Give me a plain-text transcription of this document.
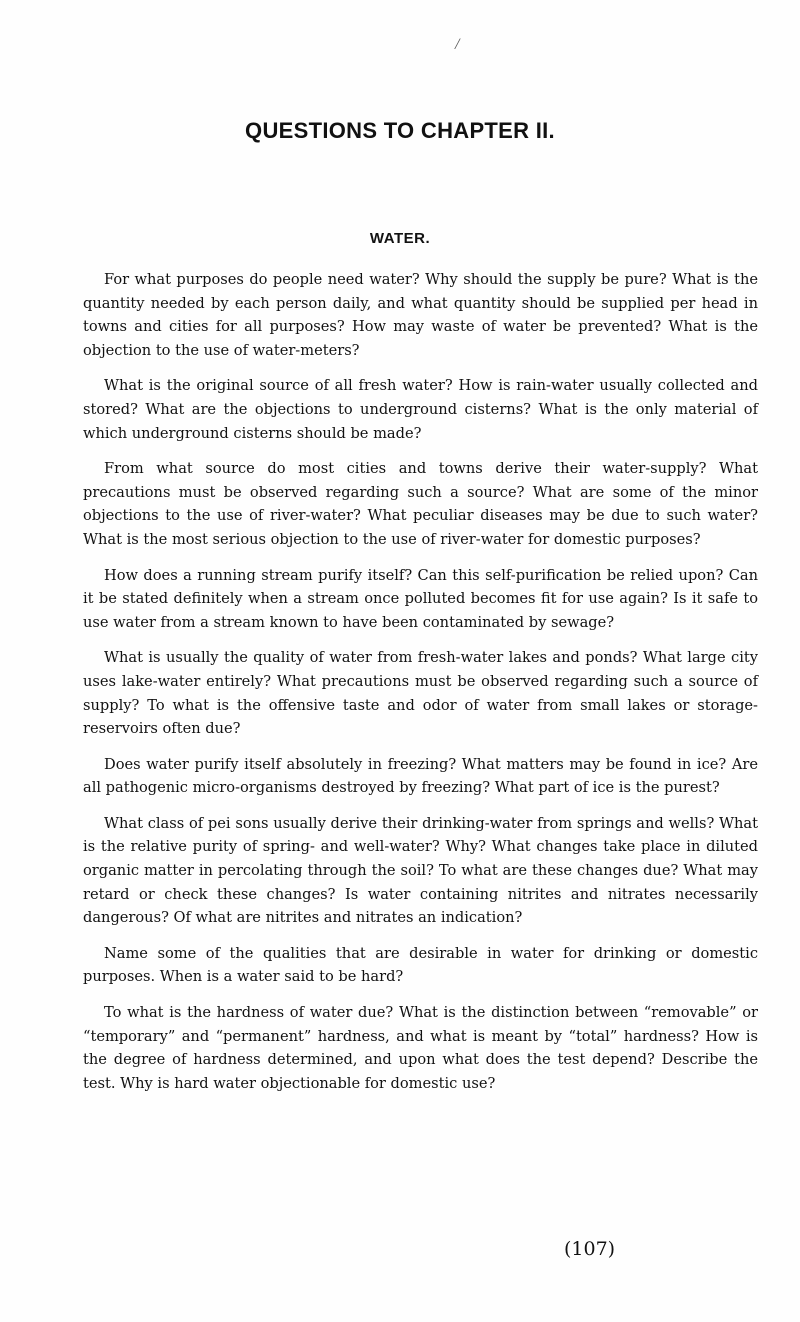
/
QUESTIONS TO CHAPTER II.
WATER.

For what purposes do people need water? Why should the supply be pure? What is the quantity needed by each person daily, and what quantity should be supplied per head in towns and cities for all purposes? How may waste of water be prevented? What is the objection to the use of water-meters?

What is the original source of all fresh water? How is rain-water usually collected and stored? What are the objections to underground cisterns? What is the only material of which underground cisterns should be made?

From what source do most cities and towns derive their water-supply? What precautions must be observed regarding such a source? What are some of the minor objections to the use of river-water? What peculiar diseases may be due to such water? What is the most serious objection to the use of river-water for domestic purposes?

How does a running stream purify itself? Can this self-purification be relied upon? Can it be stated definitely when a stream once polluted becomes fit for use again? Is it safe to use water from a stream known to have been contaminated by sewage?

What is usually the quality of water from fresh-water lakes and ponds? What large city uses lake-water entirely? What precautions must be observed regarding such a source of supply? To what is the offensive taste and odor of water from small lakes or storage-reservoirs often due?

Does water purify itself absolutely in freezing? What matters may be found in ice? Are all pathogenic micro-organisms destroyed by freezing? What part of ice is the purest?

What class of pei sons usually derive their drinking-water from springs and wells? What is the relative purity of spring- and well-water? Why? What changes take place in diluted organic matter in percolating through the soil? To what are these changes due? What may retard or check these changes? Is water containing nitrites and nitrates necessarily dangerous? Of what are nitrites and nitrates an indication?

Name some of the qualities that are desirable in water for drinking or domestic purposes. When is a water said to be hard?

To what is the hardness of water due? What is the distinction between “removable” or “temporary” and “permanent” hardness, and what is meant by “total” hardness? How is the degree of hardness determined, and upon what does the test depend? Describe the test. Why is hard water objectionable for domestic use?

(107)
